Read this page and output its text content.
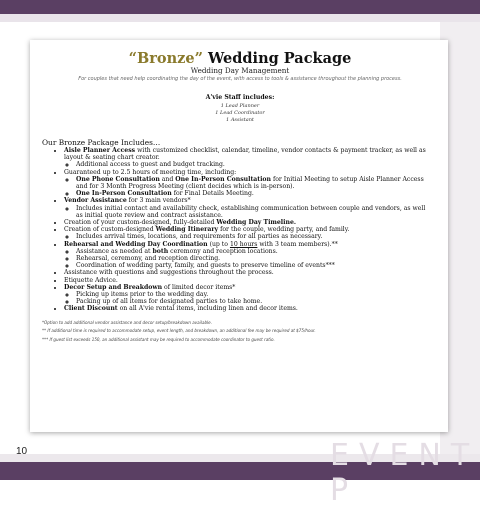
EVENT P
10
“Bronze” Wedding Package
Wedding Day Management
For couples that need help coordinating the day of the event, with access to tools & assistance throughout the planning process.
A'vie Staff includes:
1 Lead Planner
1 Lead Coordinator
1 Assistant
Our Bronze Package Includes…
• Aisle Planner Access with customized checklist, calendar, timeline, vendor contacts & payment tracker, as well as layout & seating chart creator.
◦ Additional access to guest and budget tracking.
• Guaranteed up to 2.5 hours of meeting time, including:
◦ One Phone Consultation and One In-Person Consultation for Initial Meeting to setup Aisle Planner Access and for 3 Month Progress Meeting (client decides which is in-person).
◦ One In-Person Consultation for Final Details Meeting.
• Vendor Assistance for 3 main vendors*
◦ Includes initial contact and availability check, establishing communication between couple and vendors, as well as initial quote review and contract assistance.
• Creation of your custom-designed, fully-detailed Wedding Day Timeline.
• Creation of custom-designed Wedding Itinerary for the couple, wedding party, and family.
◦ Includes arrival times, locations, and requirements for all parties as necessary.
• Rehearsal and Wedding Day Coordination (up to 10 hours with 3 team members).**
◦ Assistance as needed at both ceremony and reception locations.
◦ Rehearsal, ceremony, and reception directing.
◦ Coordination of wedding party, family, and guests to preserve timeline of events***
• Assistance with questions and suggestions throughout the process.
• Etiquette Advice.
• Decor Setup and Breakdown of limited decor items*
◦ Picking up items prior to the wedding day.
◦ Packing up of all items for designated parties to take home.
• Client Discount on all A'vie rental items, including linen and decor items.
*Option to add additional vendor assistance and decor setup/breakdown available.
** If additional time is required to accommodate setup, event length, and breakdown, an additional fee may be required at $75/hour.
*** If guest list exceeds 150, an additional assistant may be required to accommodate coordinator to guest ratio.
